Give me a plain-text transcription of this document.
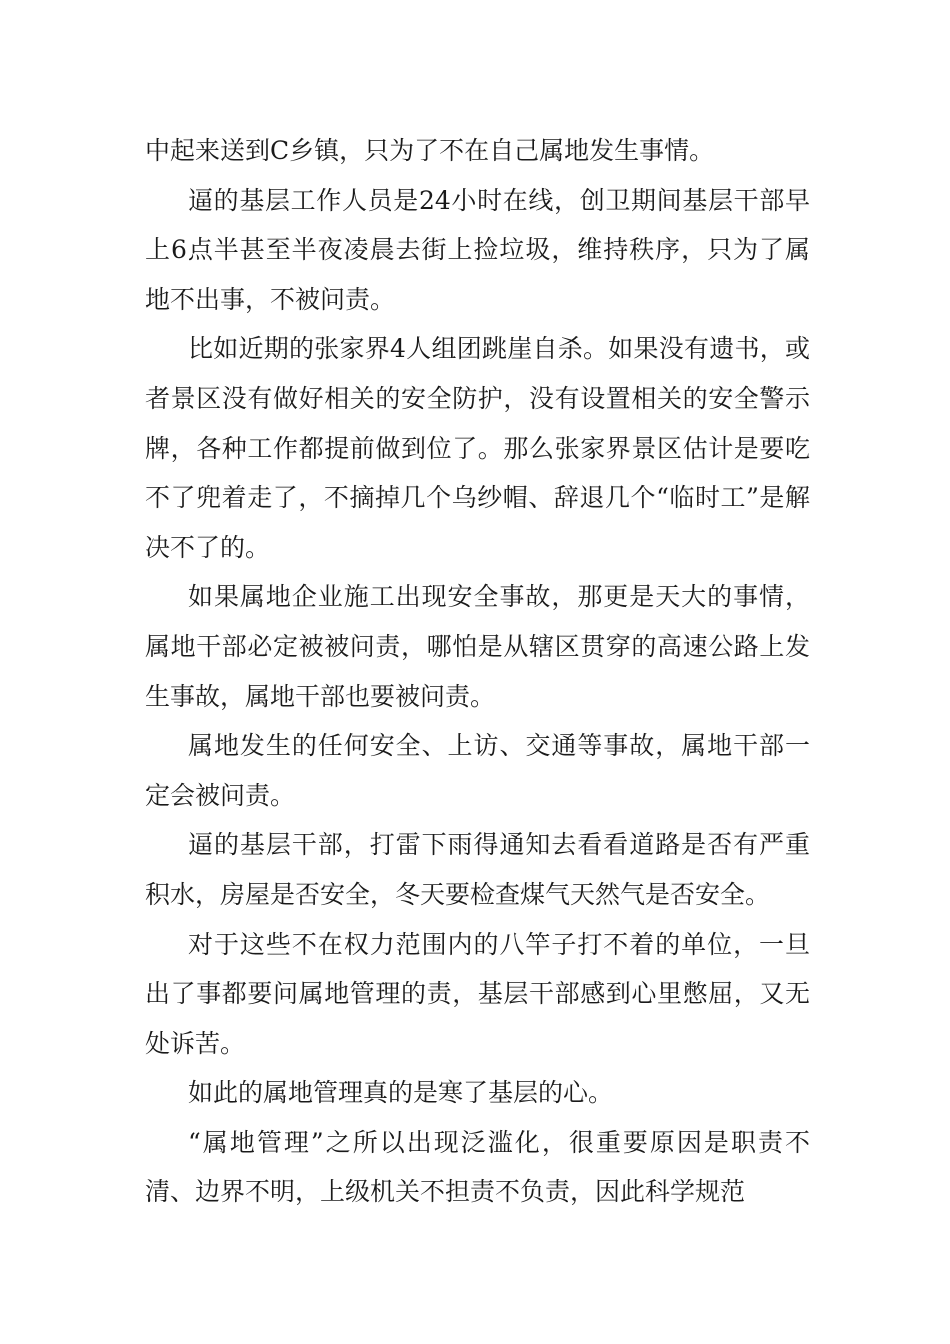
中起来送到C乡镇，只为了不在自己属地发生事情。

逼的基层工作人员是24小时在线，创卫期间基层干部早上6点半甚至半夜凌晨去街上捡垃圾，维持秩序，只为了属地不出事，不被问责。

比如近期的张家界4人组团跳崖自杀。如果没有遗书，或者景区没有做好相关的安全防护，没有设置相关的安全警示牌，各种工作都提前做到位了。那么张家界景区估计是要吃不了兜着走了，不摘掉几个乌纱帽、辞退几个“临时工”是解决不了的。

如果属地企业施工出现安全事故，那更是天大的事情，属地干部必定被被问责，哪怕是从辖区贯穿的高速公路上发生事故，属地干部也要被问责。

属地发生的任何安全、上访、交通等事故，属地干部一定会被问责。

逼的基层干部，打雷下雨得通知去看看道路是否有严重积水，房屋是否安全，冬天要检查煤气天然气是否安全。

对于这些不在权力范围内的八竿子打不着的单位，一旦出了事都要问属地管理的责，基层干部感到心里憋屈，又无处诉苦。

如此的属地管理真的是寒了基层的心。

“属地管理”之所以出现泛滥化，很重要原因是职责不清、边界不明，上级机关不担责不负责，因此科学规范
